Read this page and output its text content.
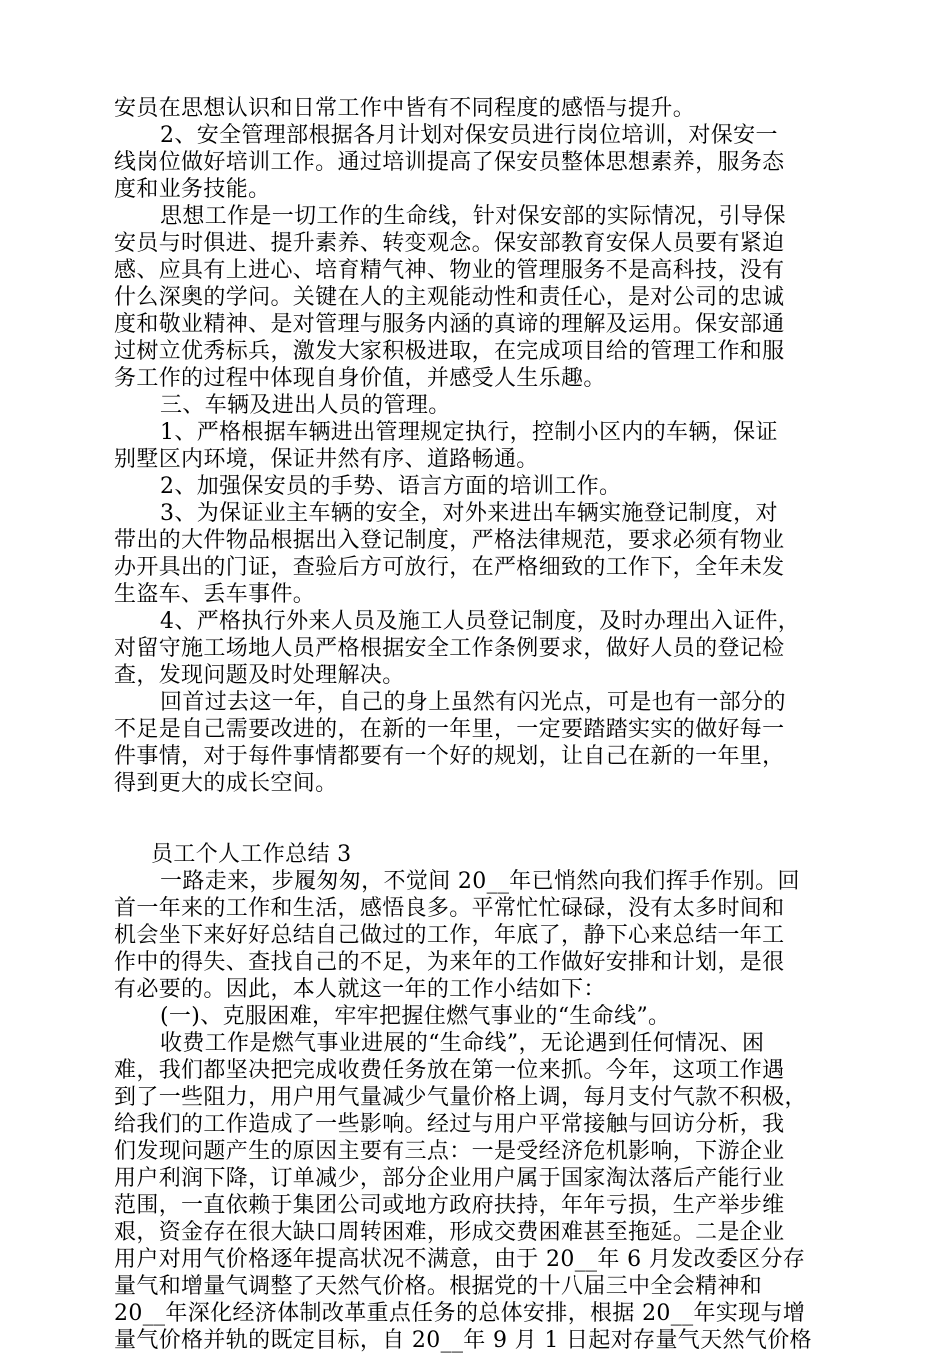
安员在思想认识和日常工作中皆有不同程度的感悟与提升。
2、安全管理部根据各月计划对保安员进行岗位培训，对保安一
线岗位做好培训工作。通过培训提高了保安员整体思想素养，服务态
度和业务技能。
思想工作是一切工作的生命线，针对保安部的实际情况，引导保
安员与时俱进、提升素养、转变观念。保安部教育安保人员要有紧迫
感、应具有上进心、培育精气神、物业的管理服务不是高科技，没有
什么深奥的学问。关键在人的主观能动性和责任心，是对公司的忠诚
度和敬业精神、是对管理与服务内涵的真谛的理解及运用。保安部通
过树立优秀标兵，激发大家积极进取，在完成项目给的管理工作和服
务工作的过程中体现自身价值，并感受人生乐趣。
三、车辆及进出人员的管理。
1、严格根据车辆进出管理规定执行，控制小区内的车辆，保证
别墅区内环境，保证井然有序、道路畅通。
2、加强保安员的手势、语言方面的培训工作。
3、为保证业主车辆的安全，对外来进出车辆实施登记制度，对
带出的大件物品根据出入登记制度，严格法律规范，要求必须有物业
办开具出的门证，查验后方可放行，在严格细致的工作下，全年未发
生盗车、丢车事件。
4、严格执行外来人员及施工人员登记制度，及时办理出入证件，
对留守施工场地人员严格根据安全工作条例要求，做好人员的登记检
查，发现问题及时处理解决。
回首过去这一年，自己的身上虽然有闪光点，可是也有一部分的
不足是自己需要改进的，在新的一年里，一定要踏踏实实的做好每一
件事情，对于每件事情都要有一个好的规划，让自己在新的一年里，
得到更大的成长空间。
员工个人工作总结 3
一路走来，步履匆匆，不觉间 20__年已悄然向我们挥手作别。回
首一年来的工作和生活，感悟良多。平常忙忙碌碌，没有太多时间和
机会坐下来好好总结自己做过的工作，年底了，静下心来总结一年工
作中的得失、查找自己的不足，为来年的工作做好安排和计划，是很
有必要的。因此，本人就这一年的工作小结如下：
(一)、克服困难，牢牢把握住燃气事业的“生命线”。
收费工作是燃气事业进展的“生命线”，无论遇到任何情况、困
难，我们都坚决把完成收费任务放在第一位来抓。今年，这项工作遇
到了一些阻力，用户用气量减少气量价格上调，每月支付气款不积极，
给我们的工作造成了一些影响。经过与用户平常接触与回访分析，我
们发现问题产生的原因主要有三点：一是受经济危机影响，下游企业
用户利润下降，订单减少，部分企业用户属于国家淘汰落后产能行业
范围，一直依赖于集团公司或地方政府扶持，年年亏损，生产举步维
艰，资金存在很大缺口周转困难，形成交费困难甚至拖延。二是企业
用户对用气价格逐年提高状况不满意，由于 20__年 6 月发改委区分存
量气和增量气调整了天然气价格。根据党的十八届三中全会精神和
20__年深化经济体制改革重点任务的总体安排，根据 20__年实现与增
量气价格并轨的既定目标，自 20__年 9 月 1 日起对存量气天然气价格
